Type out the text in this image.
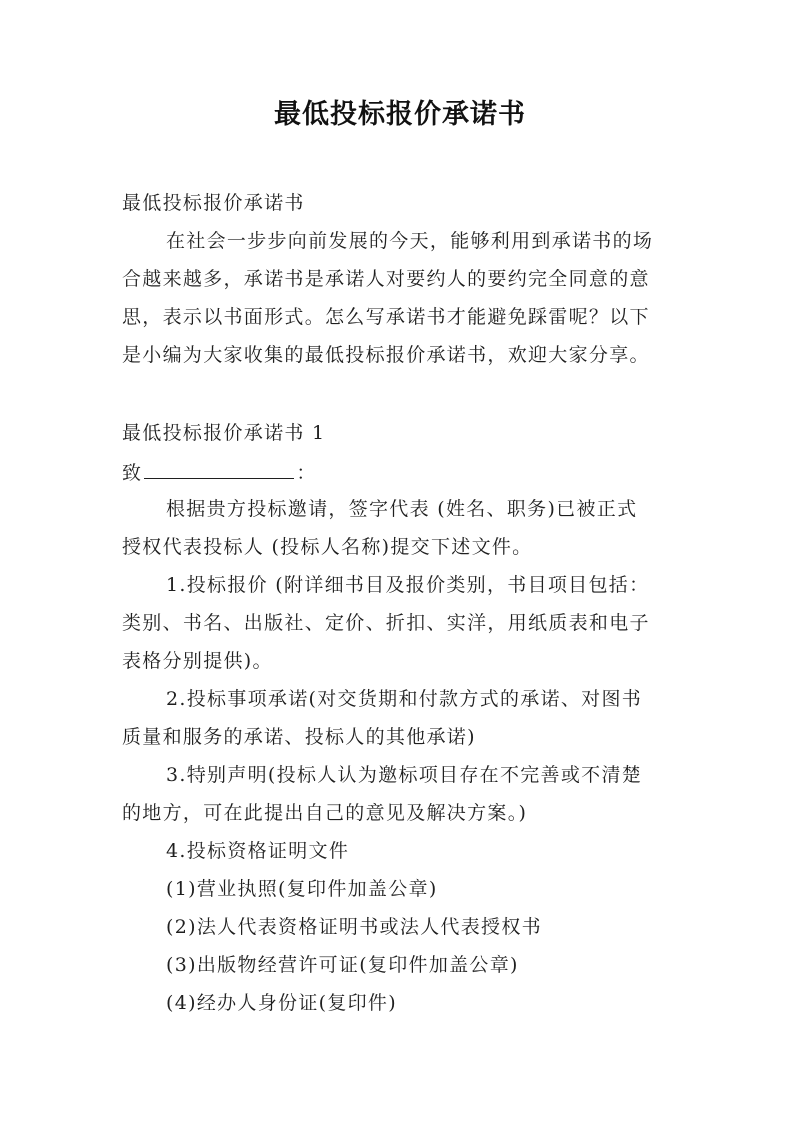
最低投标报价承诺书
最低投标报价承诺书
在社会一步步向前发展的今天，能够利用到承诺书的场
合越来越多，承诺书是承诺人对要约人的要约完全同意的意
思，表示以书面形式。怎么写承诺书才能避免踩雷呢？以下
是小编为大家收集的最低投标报价承诺书，欢迎大家分享。
最低投标报价承诺书 1
致	：
根据贵方投标邀请，签字代表 (姓名、职务)已被正式
授权代表投标人 (投标人名称)提交下述文件。
1.投标报价 (附详细书目及报价类别，书目项目包括：
类别、书名、出版社、定价、折扣、实洋，用纸质表和电子
表格分别提供)。
2.投标事项承诺(对交货期和付款方式的承诺、对图书
质量和服务的承诺、投标人的其他承诺)
3.特别声明(投标人认为邀标项目存在不完善或不清楚
的地方，可在此提出自己的意见及解决方案。)
4.投标资格证明文件
(1)营业执照(复印件加盖公章)
(2)法人代表资格证明书或法人代表授权书
(3)出版物经营许可证(复印件加盖公章)
(4)经办人身份证(复印件)
